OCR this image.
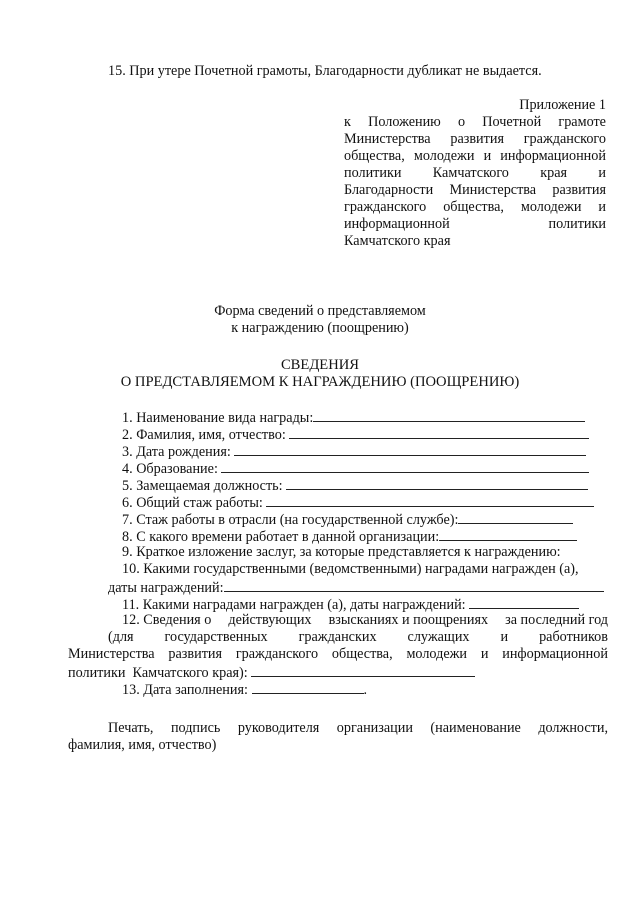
15. При утере Почетной грамоты, Благодарности дубликат не выдается.
Приложение 1
к Положению о Почетной грамоте
Министерства развития гражданского
общества, молодежи и информационной
политики Камчатского края и
Благодарности Министерства развития
гражданского общества, молодежи и
информационной	политики
Камчатского края
Форма сведений о представляемом
к награждению (поощрению)
СВЕДЕНИЯ
О ПРЕДСТАВЛЯЕМОМ К НАГРАЖДЕНИЮ (ПООЩРЕНИЮ)
1. Наименование вида награды:
2. Фамилия, имя, отчество:
3. Дата рождения:
4. Образование:
5. Замещаемая должность:
6. Общий стаж работы:
7. Стаж работы в отрасли (на государственной службе):
8. С какого времени работает в данной организации:
9. Краткое изложение заслуг, за которые представляется к награждению:
10. Какими государственными (ведомственными) наградами награжден (а),
даты награждений:
11. Какими наградами награжден (а), даты награждений:
12. Сведения о действующих взысканиях и поощрениях за последний год
(для государственных гражданских служащих и работников
Министерства развития гражданского общества, молодежи и информационной
политики  Камчатского края):
13. Дата заполнения:	.
Печать, подпись руководителя организации (наименование должности,
фамилия, имя, отчество)
